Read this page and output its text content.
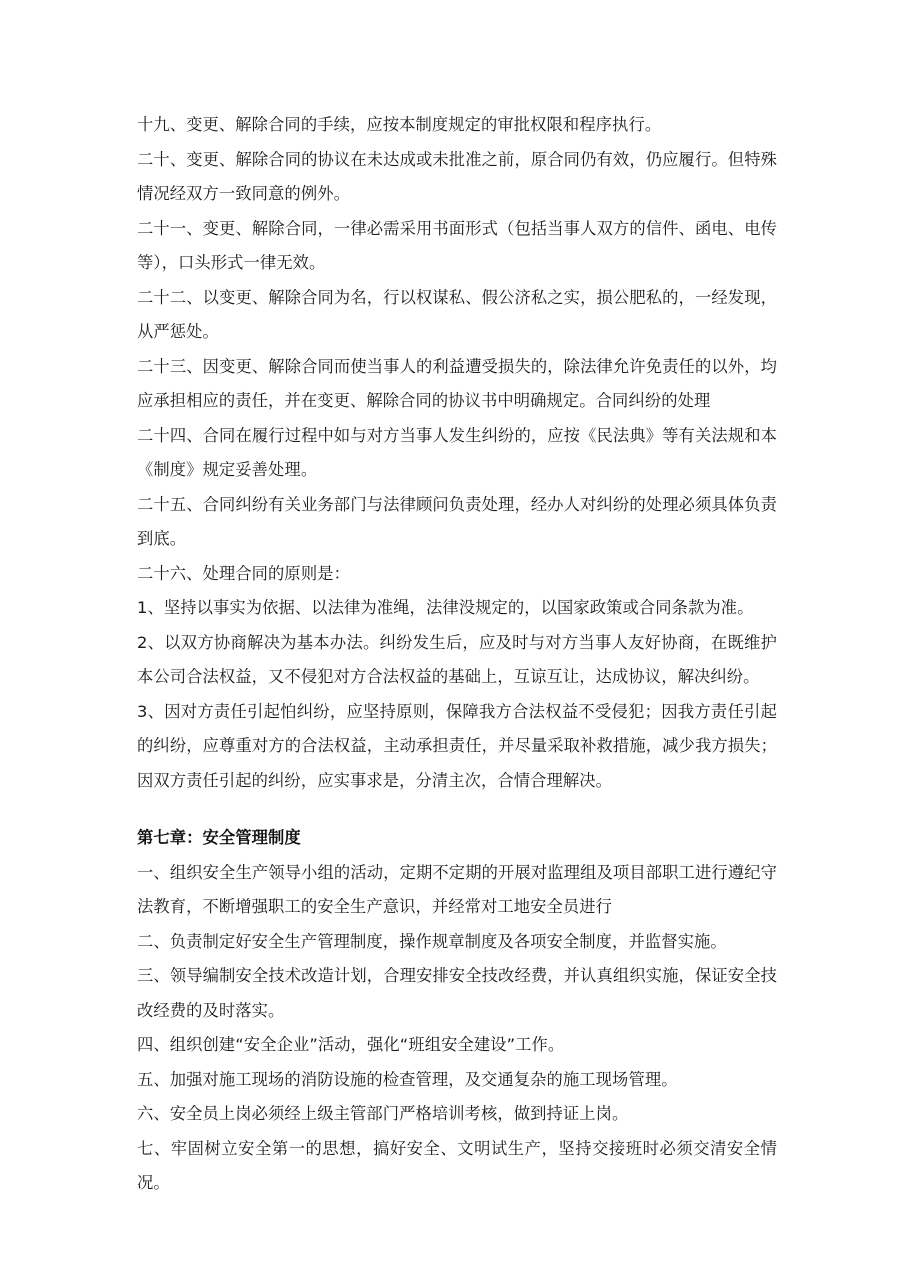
十九、变更、解除合同的手续，应按本制度规定的审批权限和程序执行。

二十、变更、解除合同的协议在未达成或未批准之前，原合同仍有效，仍应履行。但特殊情况经双方一致同意的例外。

二十一、变更、解除合同，一律必需采用书面形式（包括当事人双方的信件、函电、电传等），口头形式一律无效。

二十二、以变更、解除合同为名，行以权谋私、假公济私之实，损公肥私的，一经发现，从严惩处。

二十三、因变更、解除合同而使当事人的利益遭受损失的，除法律允许免责任的以外，均应承担相应的责任，并在变更、解除合同的协议书中明确规定。合同纠纷的处理

二十四、合同在履行过程中如与对方当事人发生纠纷的，应按《民法典》等有关法规和本《制度》规定妥善处理。

二十五、合同纠纷有关业务部门与法律顾问负责处理，经办人对纠纷的处理必须具体负责到底。

二十六、处理合同的原则是：

1、坚持以事实为依据、以法律为准绳，法律没规定的，以国家政策或合同条款为准。

2、以双方协商解决为基本办法。纠纷发生后，应及时与对方当事人友好协商，在既维护本公司合法权益，又不侵犯对方合法权益的基础上，互谅互让，达成协议，解决纠纷。

3、因对方责任引起怕纠纷，应坚持原则，保障我方合法权益不受侵犯；因我方责任引起的纠纷，应尊重对方的合法权益，主动承担责任，并尽量采取补救措施，减少我方损失；因双方责任引起的纠纷，应实事求是，分清主次，合情合理解决。

第七章：安全管理制度

一、组织安全生产领导小组的活动，定期不定期的开展对监理组及项目部职工进行遵纪守法教育，不断增强职工的安全生产意识，并经常对工地安全员进行

二、负责制定好安全生产管理制度，操作规章制度及各项安全制度，并监督实施。

三、领导编制安全技术改造计划，合理安排安全技改经费，并认真组织实施，保证安全技改经费的及时落实。

四、组织创建“安全企业”活动，强化“班组安全建设”工作。

五、加强对施工现场的消防设施的检查管理，及交通复杂的施工现场管理。

六、安全员上岗必须经上级主管部门严格培训考核，做到持证上岗。

七、牢固树立安全第一的思想，搞好安全、文明试生产，坚持交接班时必须交清安全情况。
